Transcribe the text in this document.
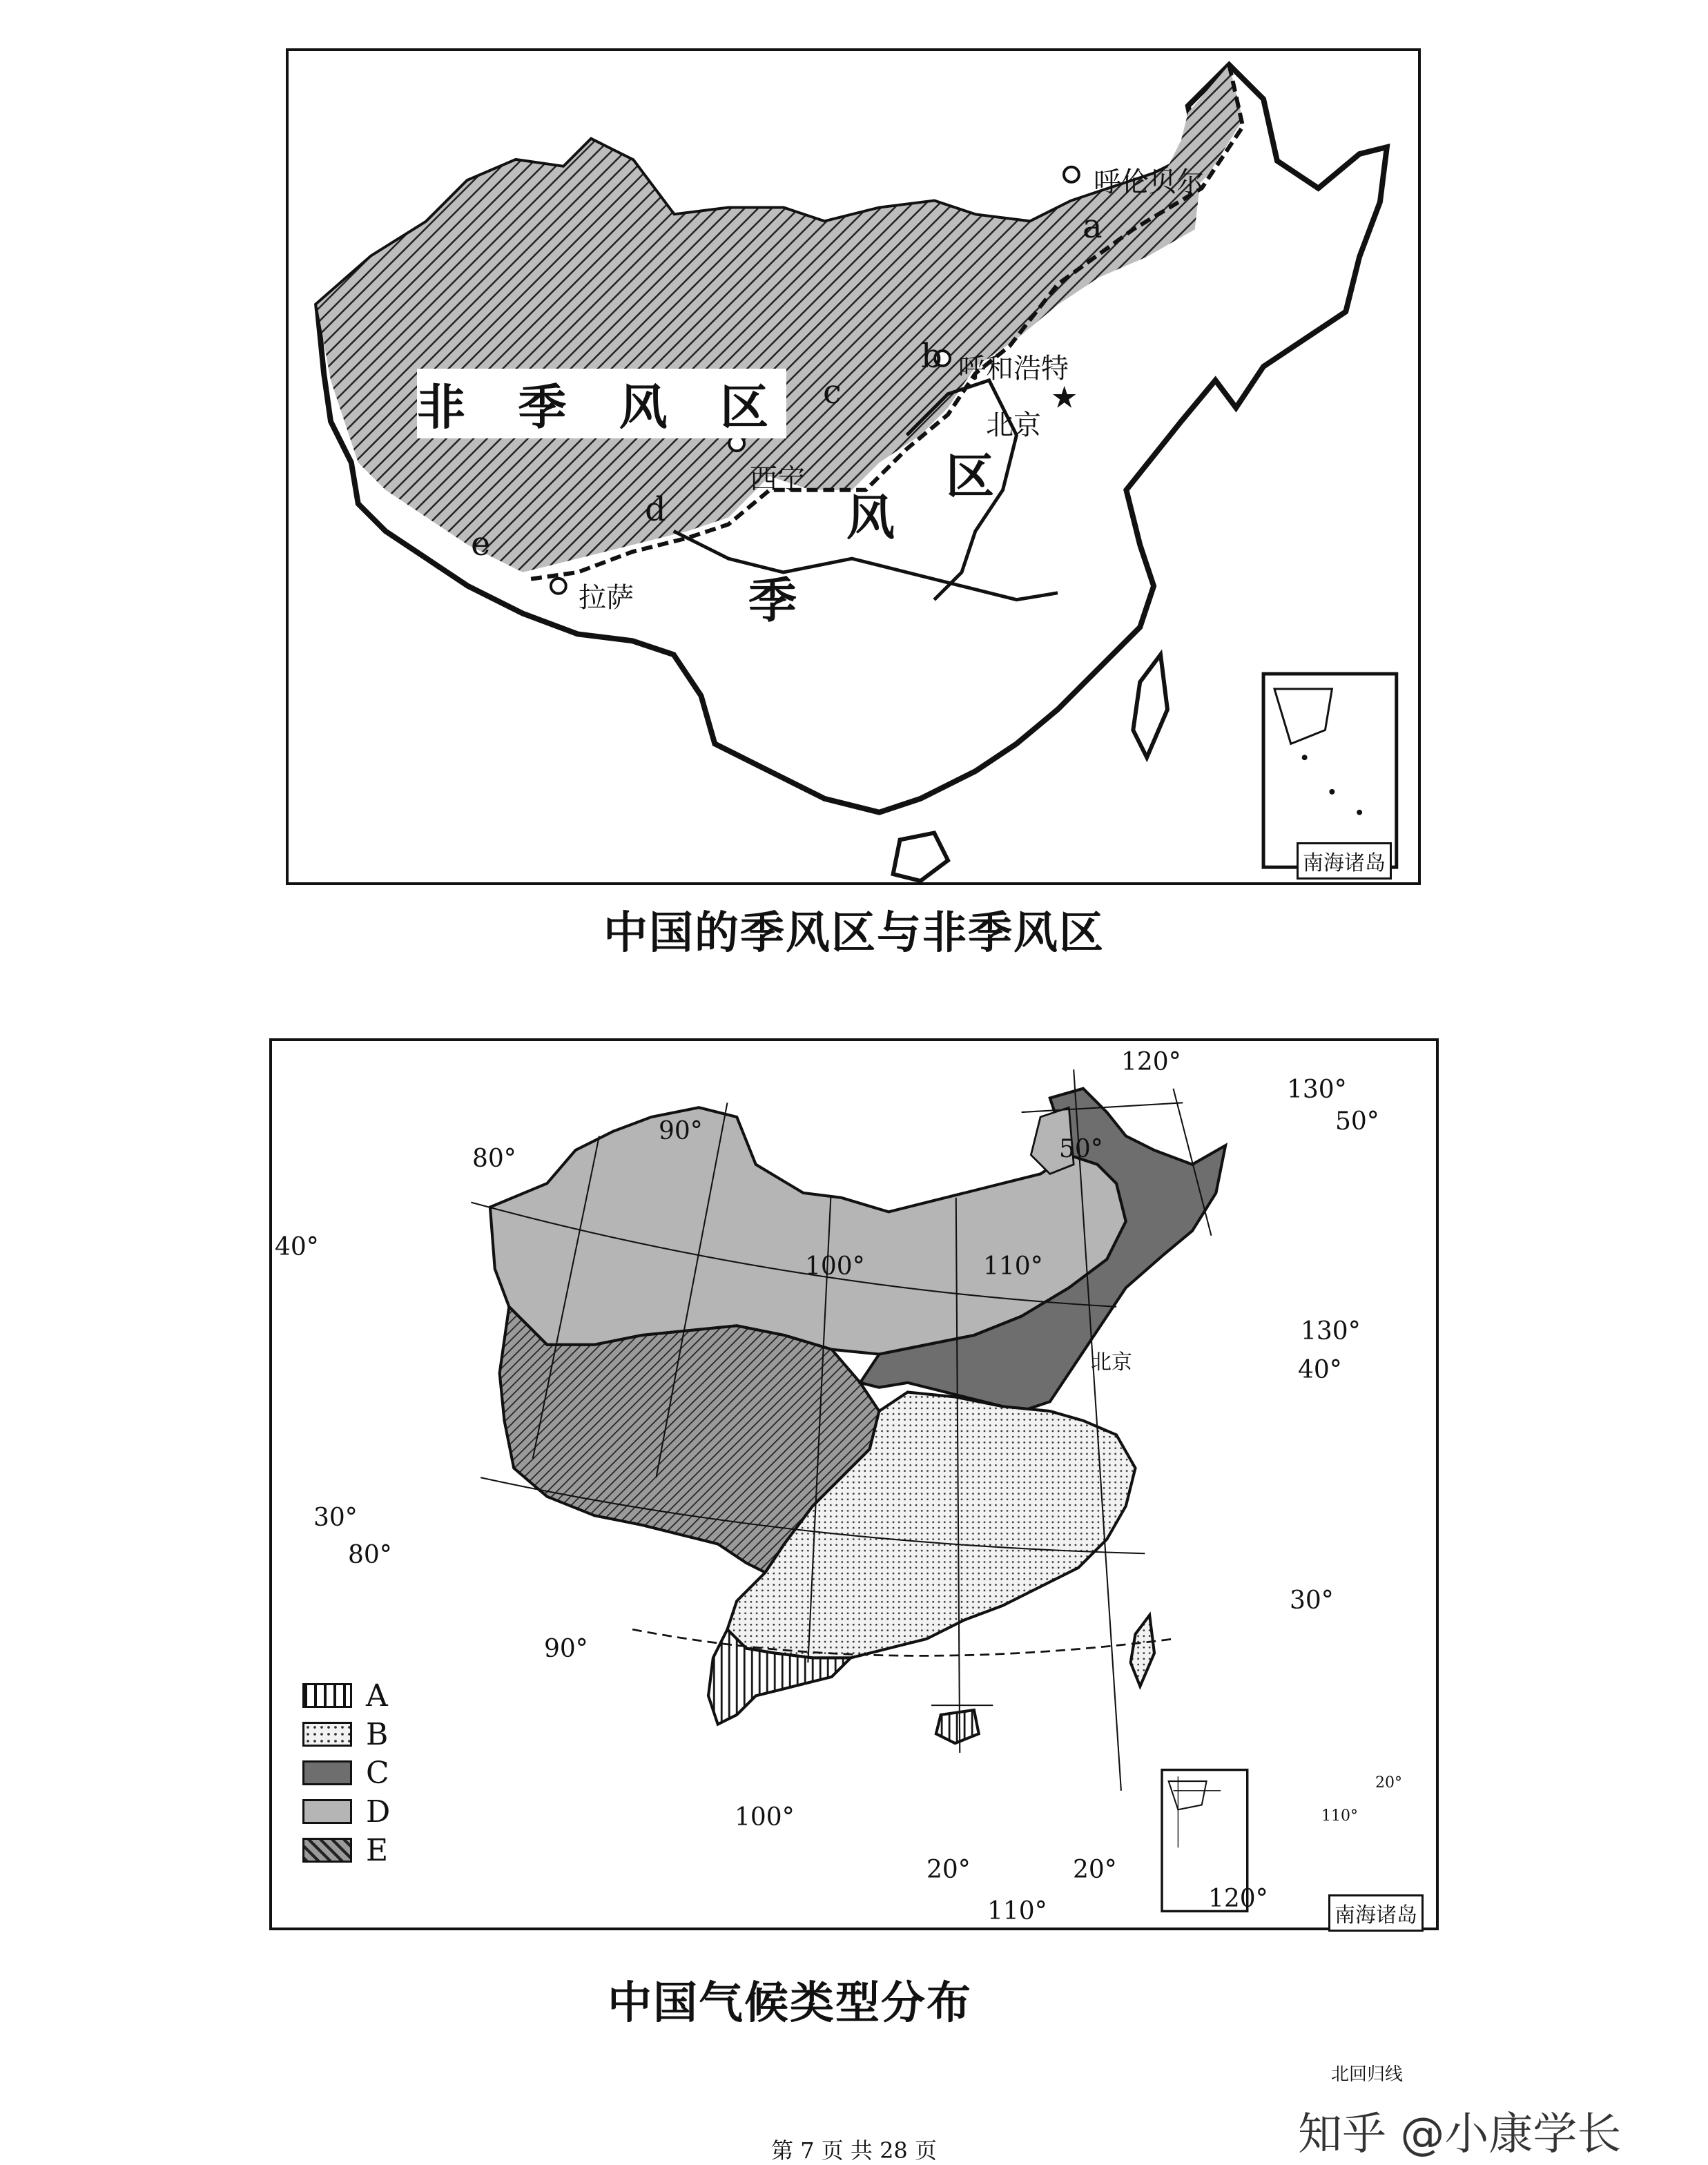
★
非 季 风 区
季
风
区
呼伦贝尔
呼和浩特
北京
西宁
拉萨
a
b
c
d
e
南海诸岛
中国的季风区与非季风区
北京
北回归线
80°
90°
100°	110°
120°
130°
40°
50°
50°
130°
40°
30°
80°
90°
30°
100°
20°	20°
110°	120°
20°
110°
南海诸岛
A
B
C
D
E
中国气候类型分布
知乎 @小康学长
第 7 页 共 28 页
